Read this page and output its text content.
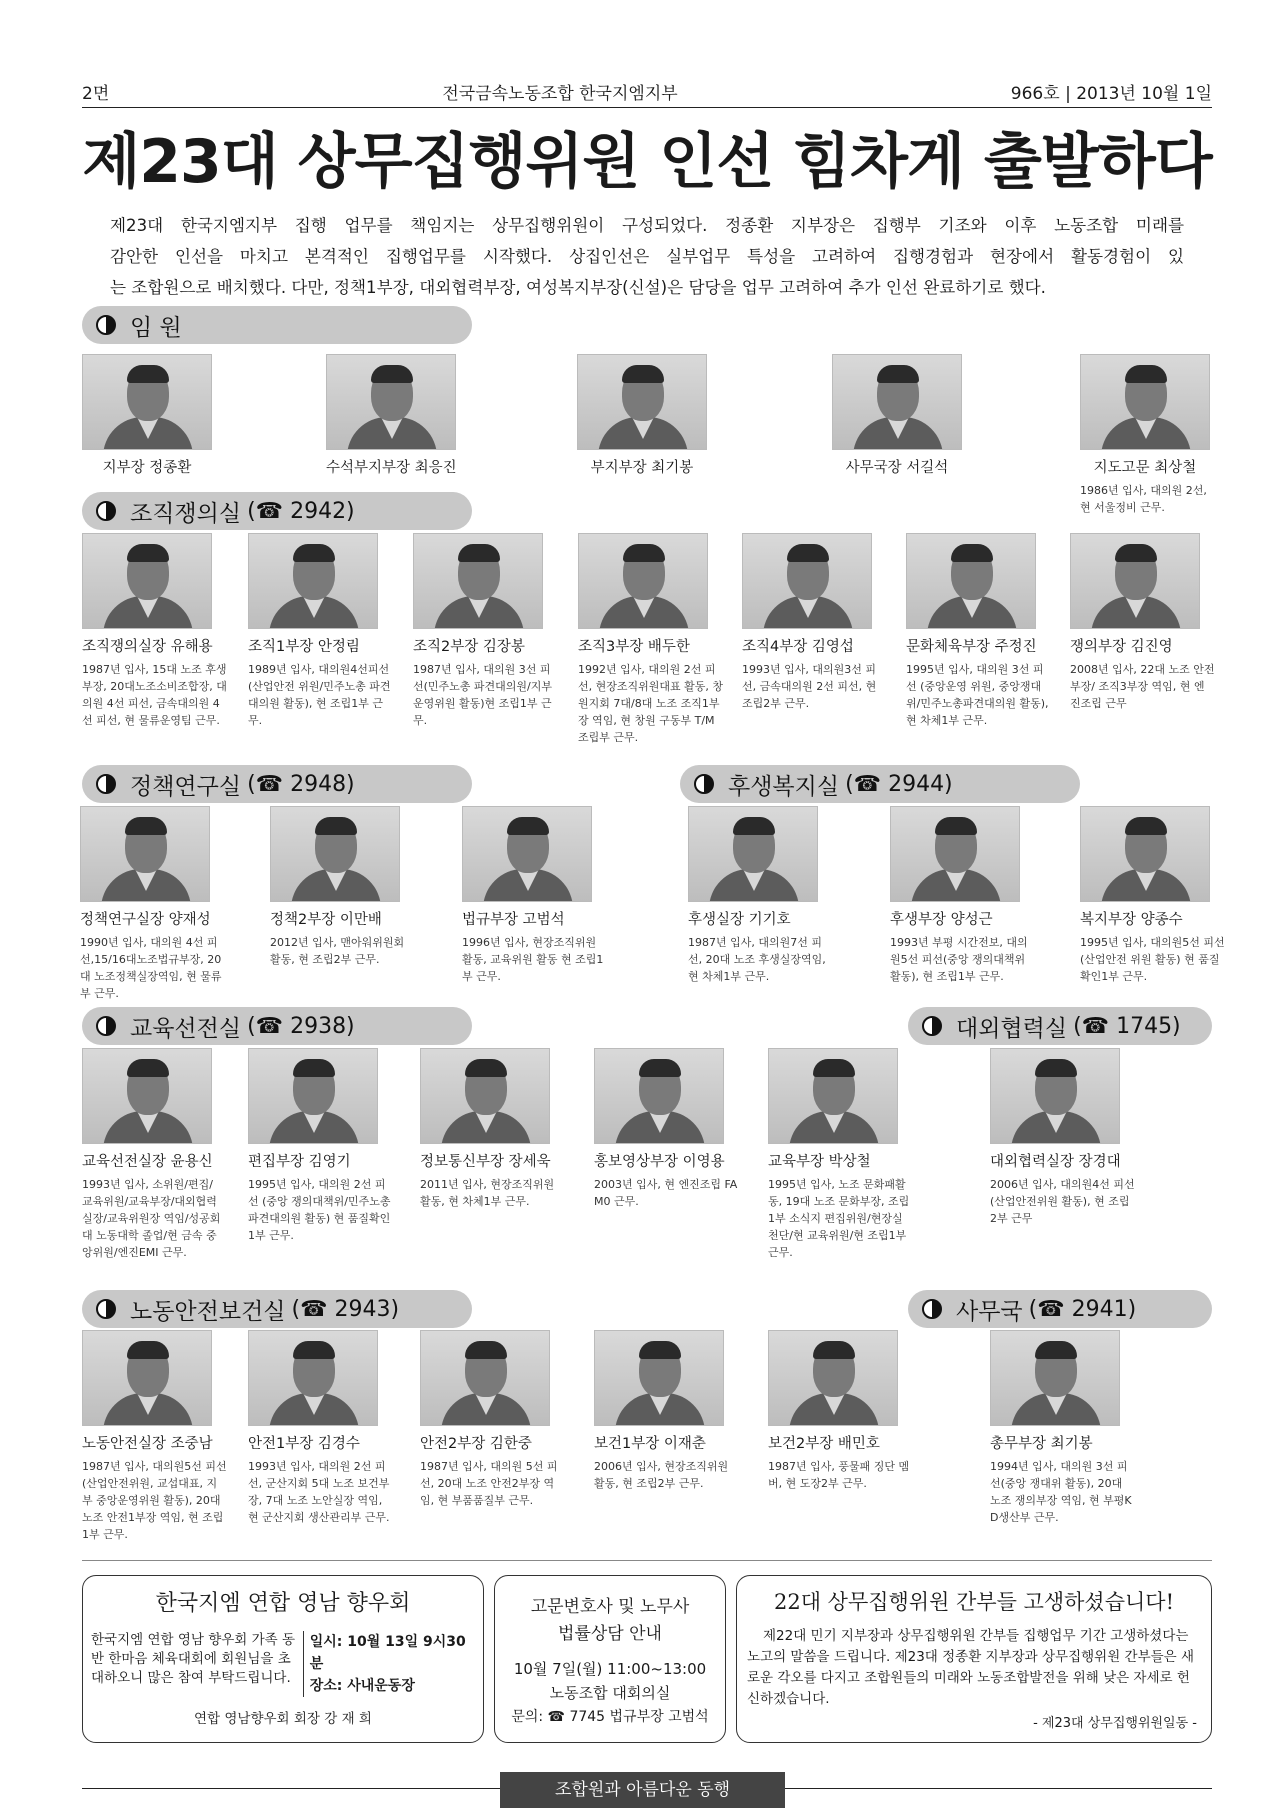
2면	전국금속노동조합 한국지엠지부	966호 | 2013년 10월 1일
제23대 상무집행위원 인선 힘차게 출발하다

제23대 한국지엠지부 집행 업무를 책임지는 상무집행위원이 구성되었다. 정종환 지부장은 집행부 기조와 이후 노동조합 미래를
감안한 인선을 마치고 본격적인 집행업무를 시작했다. 상집인선은 실부업무 특성을 고려하여 집행경험과 현장에서 활동경험이 있
는 조합원으로 배치했다. 다만, 정책1부장, 대외협력부장, 여성복지부장(신설)은 담당을 업무 고려하여 추가 인선 완료하기로 했다.

임 원
조직쟁의실 (☎ 2942)
정책연구실 (☎ 2948)	후생복지실 (☎ 2944)
교육선전실 (☎ 2938)	대외협력실 (☎ 1745)
노동안전보건실 (☎ 2943)	사무국 (☎ 2941)
지부장 정종환	수석부지부장 최응진	부지부장 최기봉	사무국장 서길석	지도고문 최상철
1986년 입사, 대의원 2선, 현 서울정비 근무.
조직쟁의실장 유해용
1987년 입사, 15대 노조 후생부장, 20대노조소비조합장, 대의원 4선 피선, 금속대의원 4선 피선, 현 물류운영팀 근무.
조직1부장 안정림
1989년 입사, 대의원4선피선 (산업안전 위원/민주노총 파견대의원 활동), 현 조립1부 근무.
조직2부장 김장봉
1987년 입사, 대의원 3선 피선(민주노총 파견대의원/지부 운영위원 활동)현 조립1부 근무.
조직3부장 배두한
1992년 입사, 대의원 2선 피선, 현장조직위원대표 활동, 창원지회 7대/8대 노조 조직1부장 역임, 현 창원 구동부 T/M 조립부 근무.
조직4부장 김영섭
1993년 입사, 대의원3선 피선, 금속대의원 2선 피선, 현 조립2부 근무.
문화체육부장 주정진
1995년 입사, 대의원 3선 피선 (중앙운영 위원, 중앙쟁대위/민주노총파견대의원 활동), 현 차체1부 근무.
쟁의부장 김진영
2008년 입사, 22대 노조 안전부장/ 조직3부장 역임, 현 엔진조립 근무
정책연구실장 양재성
1990년 입사, 대의원 4선 피선,15/16대노조법규부장, 20대 노조정책실장역임, 현 물류부 근무.
정책2부장 이만배
2012년 입사, 맨아워위원회 활동, 현 조립2부 근무.
법규부장 고범석
1996년 입사, 현장조직위원 활동, 교육위원 활동 현 조립1부 근무.
후생실장 기기호
1987년 입사, 대의원7선 피선, 20대 노조 후생실장역임, 현 차체1부 근무.
후생부장 양성근
1993년 부평 시간전보, 대의원5선 피선(중앙 쟁의대책위 활동), 현 조립1부 근무.
복지부장 양종수
1995년 입사, 대의원5선 피선 (산업안전 위원 활동) 현 품질확인1부 근무.
교육선전실장 윤용신
1993년 입사, 소위원/편집/ 교육위원/교육부장/대외협력 실장/교육위원장 역임/성공회대 노동대학 졸업/현 금속 중앙위원/엔진EMI 근무.
편집부장 김영기
1995년 입사, 대의원 2선 피선 (중앙 쟁의대책위/민주노총파견대의원 활동) 현 품질확인1부 근무.
정보통신부장 장세욱
2011년 입사, 현장조직위원 활동, 현 차체1부 근무.
홍보영상부장 이영용
2003년 입사, 현 엔진조립 FAM0 근무.
교육부장 박상철
1995년 입사, 노조 문화패활동, 19대 노조 문화부장, 조립1부 소식지 편집위원/현장실천단/현 교육위원/현 조립1부 근무.
대외협력실장 장경대
2006년 입사, 대의원4선 피선 (산업안전위원 활동), 현 조립2부 근무
노동안전실장 조중남
1987년 입사, 대의원5선 피선 (산업안전위원, 교섭대표, 지부 중앙운영위원 활동), 20대 노조 안전1부장 역임, 현 조립1부 근무.
안전1부장 김경수
1993년 입사, 대의원 2선 피선, 군산지회 5대 노조 보건부장, 7대 노조 노안실장 역임, 현 군산지회 생산관리부 근무.
안전2부장 김한중
1987년 입사, 대의원 5선 피선, 20대 노조 안전2부장 역임, 현 부품품질부 근무.
보건1부장 이재춘
2006년 입사, 현장조직위원 활동, 현 조립2부 근무.
보건2부장 배민호
1987년 입사, 풍물패 징단 멤버, 현 도장2부 근무.
총무부장 최기봉
1994년 입사, 대의원 3선 피선(중앙 쟁대위 활동), 20대 노조 쟁의부장 역임, 현 부평KD생산부 근무.
한국지엠 연합 영남 향우회
한국지엠 연합 영남 향우회 가족 동반 한마음 체육대회에 회원님을 초대하오니 많은 참여 부탁드립니다.
일시: 10월 13일 9시30분
장소: 사내운동장
연합 영남향우회 회장 강 재 희
고문변호사 및 노무사
법률상담 안내
10월 7일(월) 11:00~13:00
노동조합 대회의실
문의: ☎ 7745 법규부장 고범석
22대 상무집행위원 간부들 고생하셨습니다!
제22대 민기 지부장과 상무집행위원 간부들 집행업무 기간 고생하셨다는 노고의 말씀을 드립니다. 제23대 정종환 지부장과 상무집행위원 간부들은 새로운 각오를 다지고 조합원들의 미래와 노동조합발전을 위해 낮은 자세로 헌신하겠습니다.
- 제23대 상무집행위원일동 -
조합원과 아름다운 동행
